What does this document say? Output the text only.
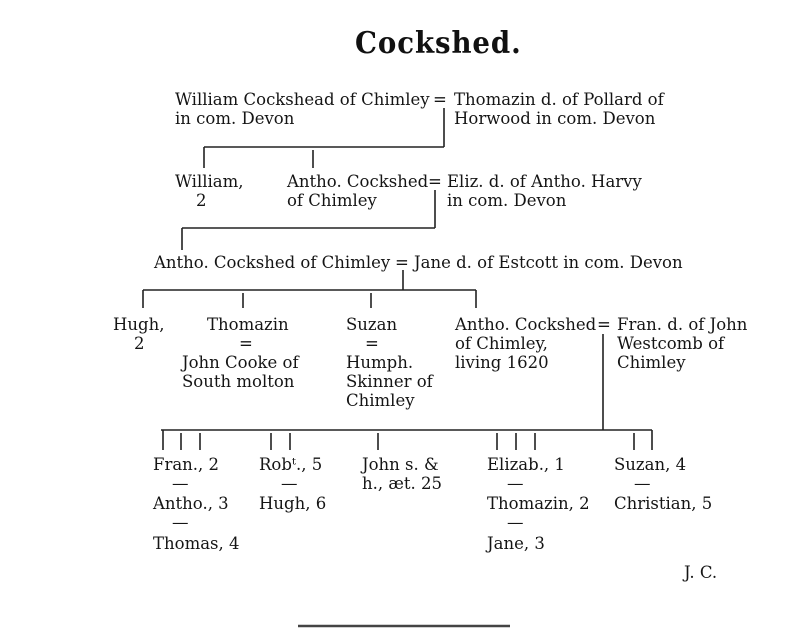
Cockshed.
William Cockshead of Chimley
in com. Devon
= Thomazin d. of Pollard of
Horwood in com. Devon
William,
2
Antho. Cockshed
of Chimley
= Eliz. d. of Antho. Harvy
in com. Devon
Antho. Cockshed of Chimley = Jane d. of Estcott in com. Devon
Hugh,
2
Thomazin
=
John Cooke of
South molton
Suzan
=
Humph.
Skinner of
Chimley
Antho. Cockshed
of Chimley,
living 1620
= Fran. d. of John
Westcomb of
Chimley
Fran., 2
—
Antho., 3
—
Thomas, 4
Robᵗ., 5
—
Hugh, 6
John s. &
h., æt. 25
Elizab., 1
—
Thomazin, 2
—
Jane, 3
Suzan, 4
—
Christian, 5
J. C.
